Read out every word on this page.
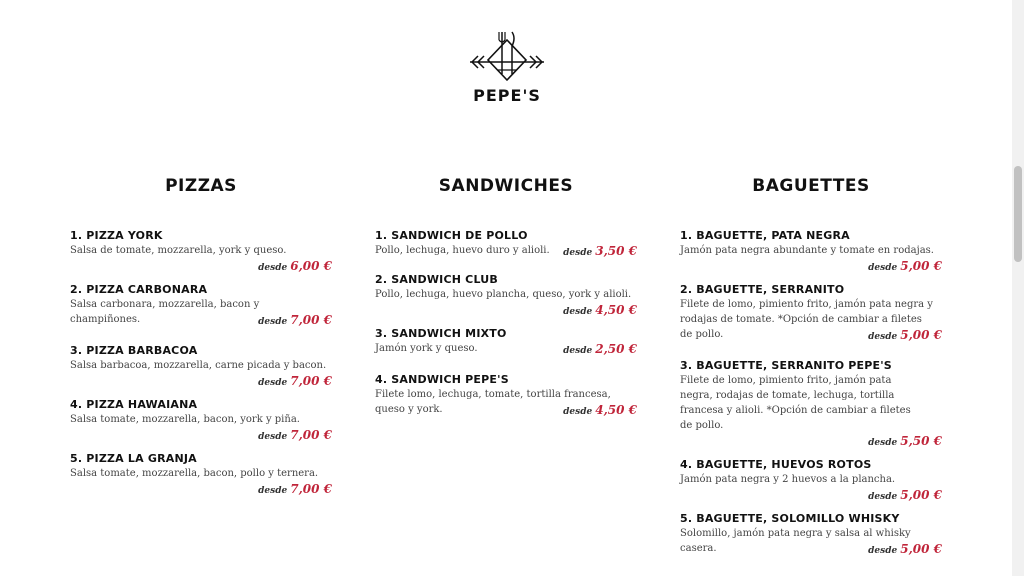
PEPE'S
PIZZAS
1. PIZZA YORK
Salsa de tomate, mozzarella, york y queso.
desde 6,00 €
2. PIZZA CARBONARA
Salsa carbonara, mozzarella, bacon y champiñones.	desde 7,00 €
3. PIZZA BARBACOA
Salsa barbacoa, mozzarella, carne picada y bacon.
desde 7,00 €
4. PIZZA HAWAIANA
Salsa tomate, mozzarella, bacon, york y piña.
desde 7,00 €
5. PIZZA LA GRANJA
Salsa tomate, mozzarella, bacon, pollo y ternera.
desde 7,00 €
SANDWICHES
1. SANDWICH DE POLLO
Pollo, lechuga, huevo duro y alioli.	desde 3,50 €
2. SANDWICH CLUB
Pollo, lechuga, huevo plancha, queso, york y alioli.
desde 4,50 €
3. SANDWICH MIXTO
Jamón york y queso.	desde 2,50 €
4. SANDWICH PEPE'S
Filete lomo, lechuga, tomate, tortilla francesa, queso y york.	desde 4,50 €
BAGUETTES
1. BAGUETTE, PATA NEGRA
Jamón pata negra abundante y tomate en rodajas.
desde 5,00 €
2. BAGUETTE, SERRANITO
Filete de lomo, pimiento frito, jamón pata negra y rodajas de tomate. *Opción de cambiar a filetes de pollo.	desde 5,00 €
3. BAGUETTE, SERRANITO PEPE'S
Filete de lomo, pimiento frito, jamón pata negra, rodajas de tomate, lechuga, tortilla francesa y alioli. *Opción de cambiar a filetes de pollo.
desde 5,50 €
4. BAGUETTE, HUEVOS ROTOS
Jamón pata negra y 2 huevos a la plancha.
desde 5,00 €
5. BAGUETTE, SOLOMILLO WHISKY
Solomillo, jamón pata negra y salsa al whisky casera.	desde 5,00 €
